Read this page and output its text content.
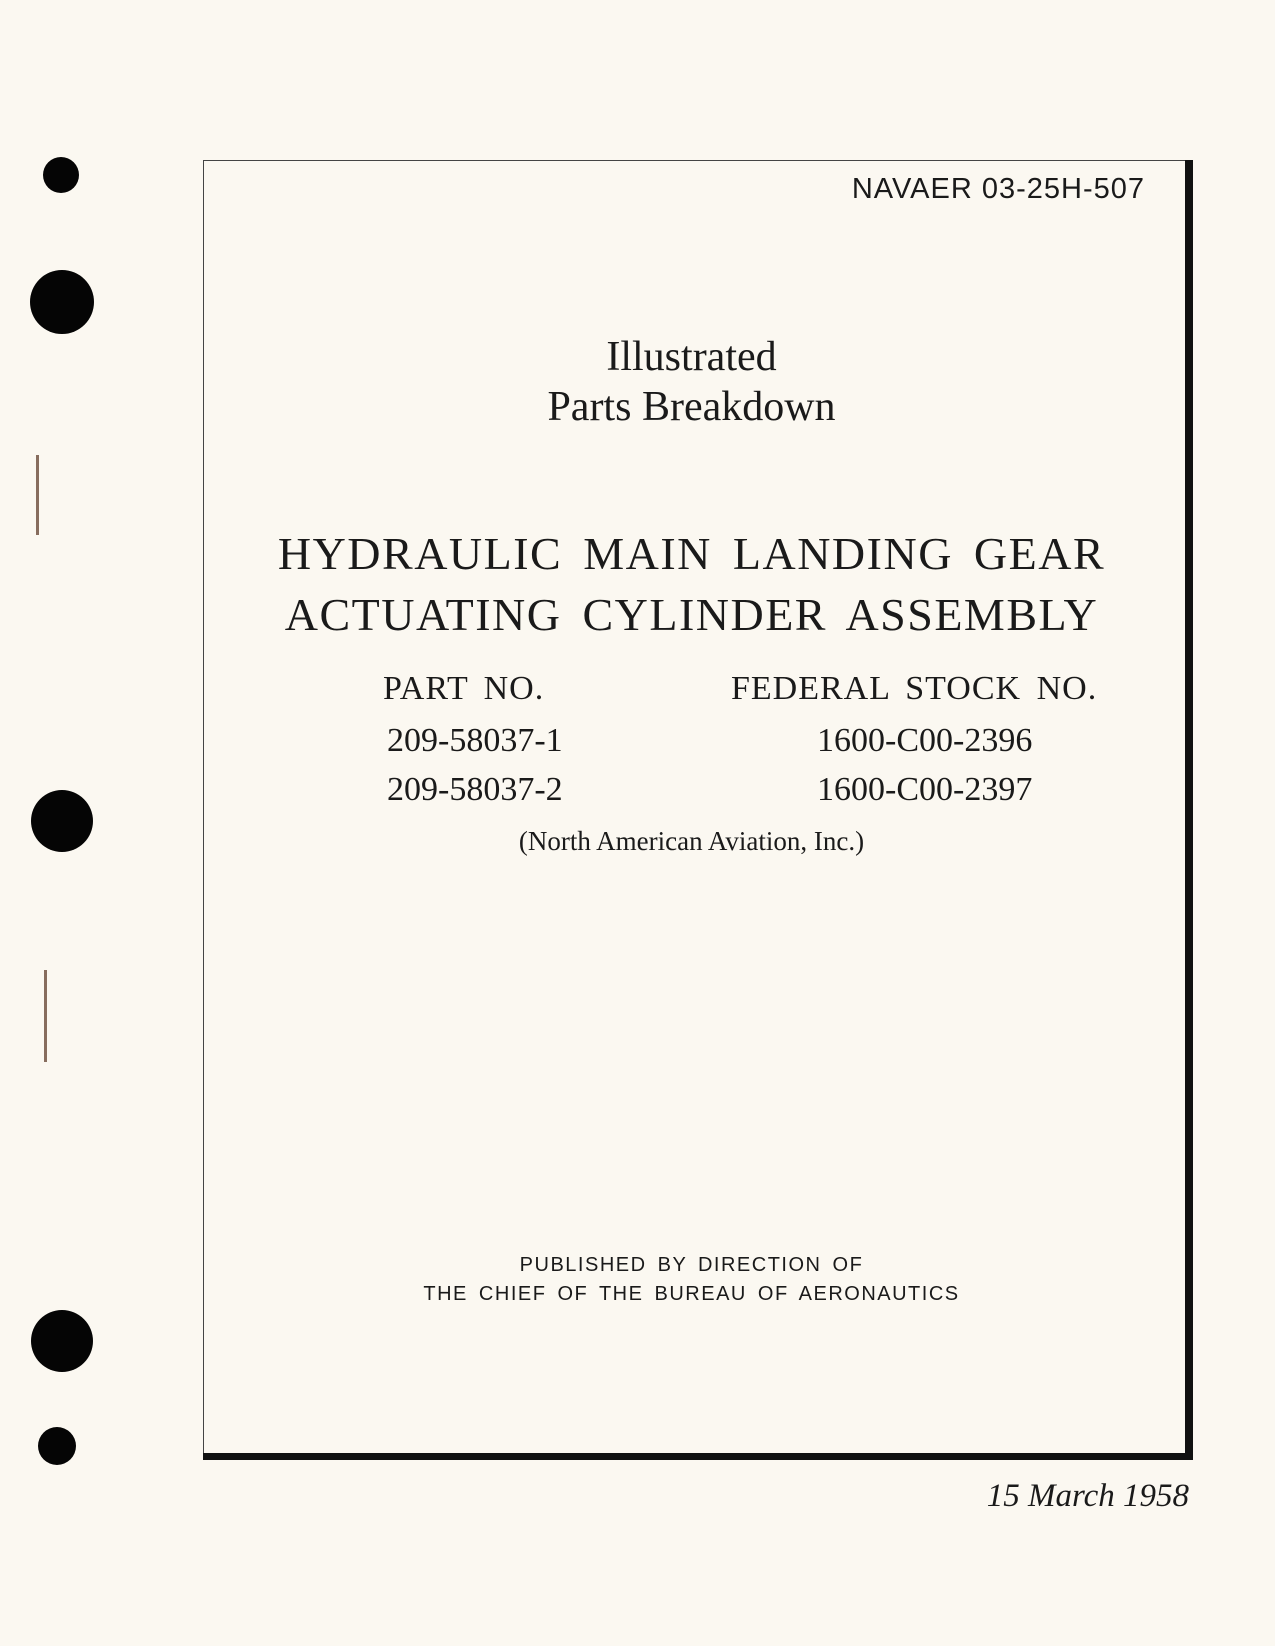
NAVAER 03-25H-507
Illustrated
Parts Breakdown
HYDRAULIC MAIN LANDING GEAR
ACTUATING CYLINDER ASSEMBLY
PART NO.	FEDERAL STOCK NO.
209-58037-1	1600-C00-2396
209-58037-2	1600-C00-2397
(North American Aviation, Inc.)
PUBLISHED BY DIRECTION OF
THE CHIEF OF THE BUREAU OF AERONAUTICS
15 March 1958
